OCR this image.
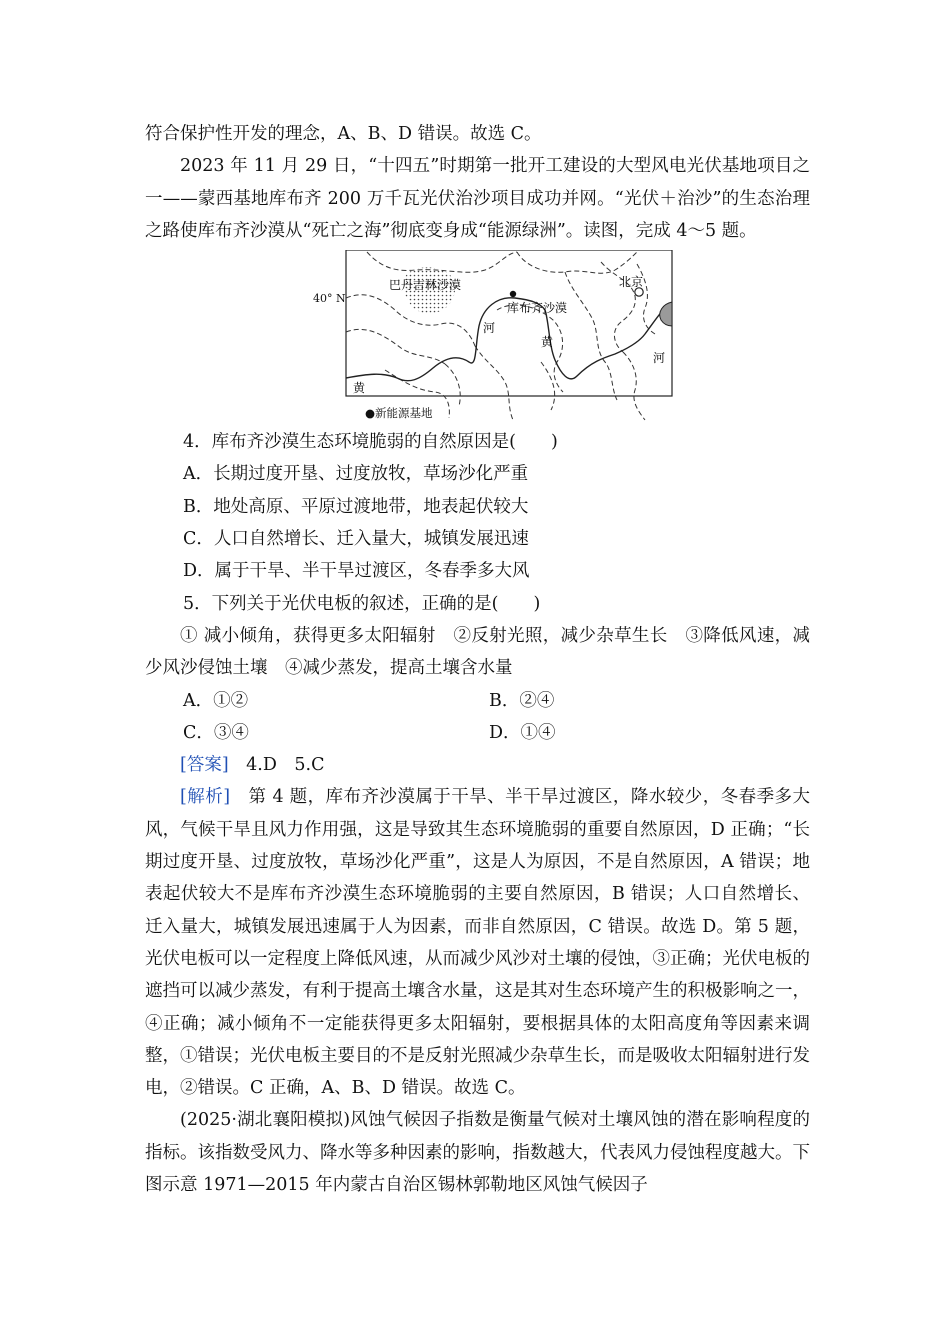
符合保护性开发的理念，A、B、D 错误。故选 C。

2023 年 11 月 29 日，“十四五”时期第一批开工建设的大型风电光伏基地项目之一——蒙西基地库布齐 200 万千瓦光伏治沙项目成功并网。“光伏＋治沙”的生态治理之路使库布齐沙漠从“死亡之海”彻底变身成“能源绿洲”。读图，完成 4～5 题。

40° N
巴丹吉林沙漠
库布齐沙漠
北京
河
黄
河
黄
●新能源基地

4．库布齐沙漠生态环境脆弱的自然原因是(　　)

A．长期过度开垦、过度放牧，草场沙化严重

B．地处高原、平原过渡地带，地表起伏较大

C．人口自然增长、迁入量大，城镇发展迅速

D．属于干旱、半干旱过渡区，冬春季多大风

5．下列关于光伏电板的叙述，正确的是(　　)

① 减小倾角，获得更多太阳辐射　②反射光照，减少杂草生长　③降低风速，减少风沙侵蚀土壤　④减少蒸发，提高土壤含水量

A．①②	B．②④
C．③④	D．①④

[答案]　4.D　5.C

[解析]　第 4 题，库布齐沙漠属于干旱、半干旱过渡区，降水较少，冬春季多大风，气候干旱且风力作用强，这是导致其生态环境脆弱的重要自然原因，D 正确；“长期过度开垦、过度放牧，草场沙化严重”，这是人为原因，不是自然原因，A 错误；地表起伏较大不是库布齐沙漠生态环境脆弱的主要自然原因，B 错误；人口自然增长、迁入量大，城镇发展迅速属于人为因素，而非自然原因，C 错误。故选 D。第 5 题，光伏电板可以一定程度上降低风速，从而减少风沙对土壤的侵蚀，③正确；光伏电板的遮挡可以减少蒸发，有利于提高土壤含水量，这是其对生态环境产生的积极影响之一，④正确；减小倾角不一定能获得更多太阳辐射，要根据具体的太阳高度角等因素来调整，①错误；光伏电板主要目的不是反射光照减少杂草生长，而是吸收太阳辐射进行发电，②错误。C 正确，A、B、D 错误。故选 C。

(2025·湖北襄阳模拟)风蚀气候因子指数是衡量气候对土壤风蚀的潜在影响程度的指标。该指数受风力、降水等多种因素的影响，指数越大，代表风力侵蚀程度越大。下图示意 1971—2015 年内蒙古自治区锡林郭勒地区风蚀气候因子
